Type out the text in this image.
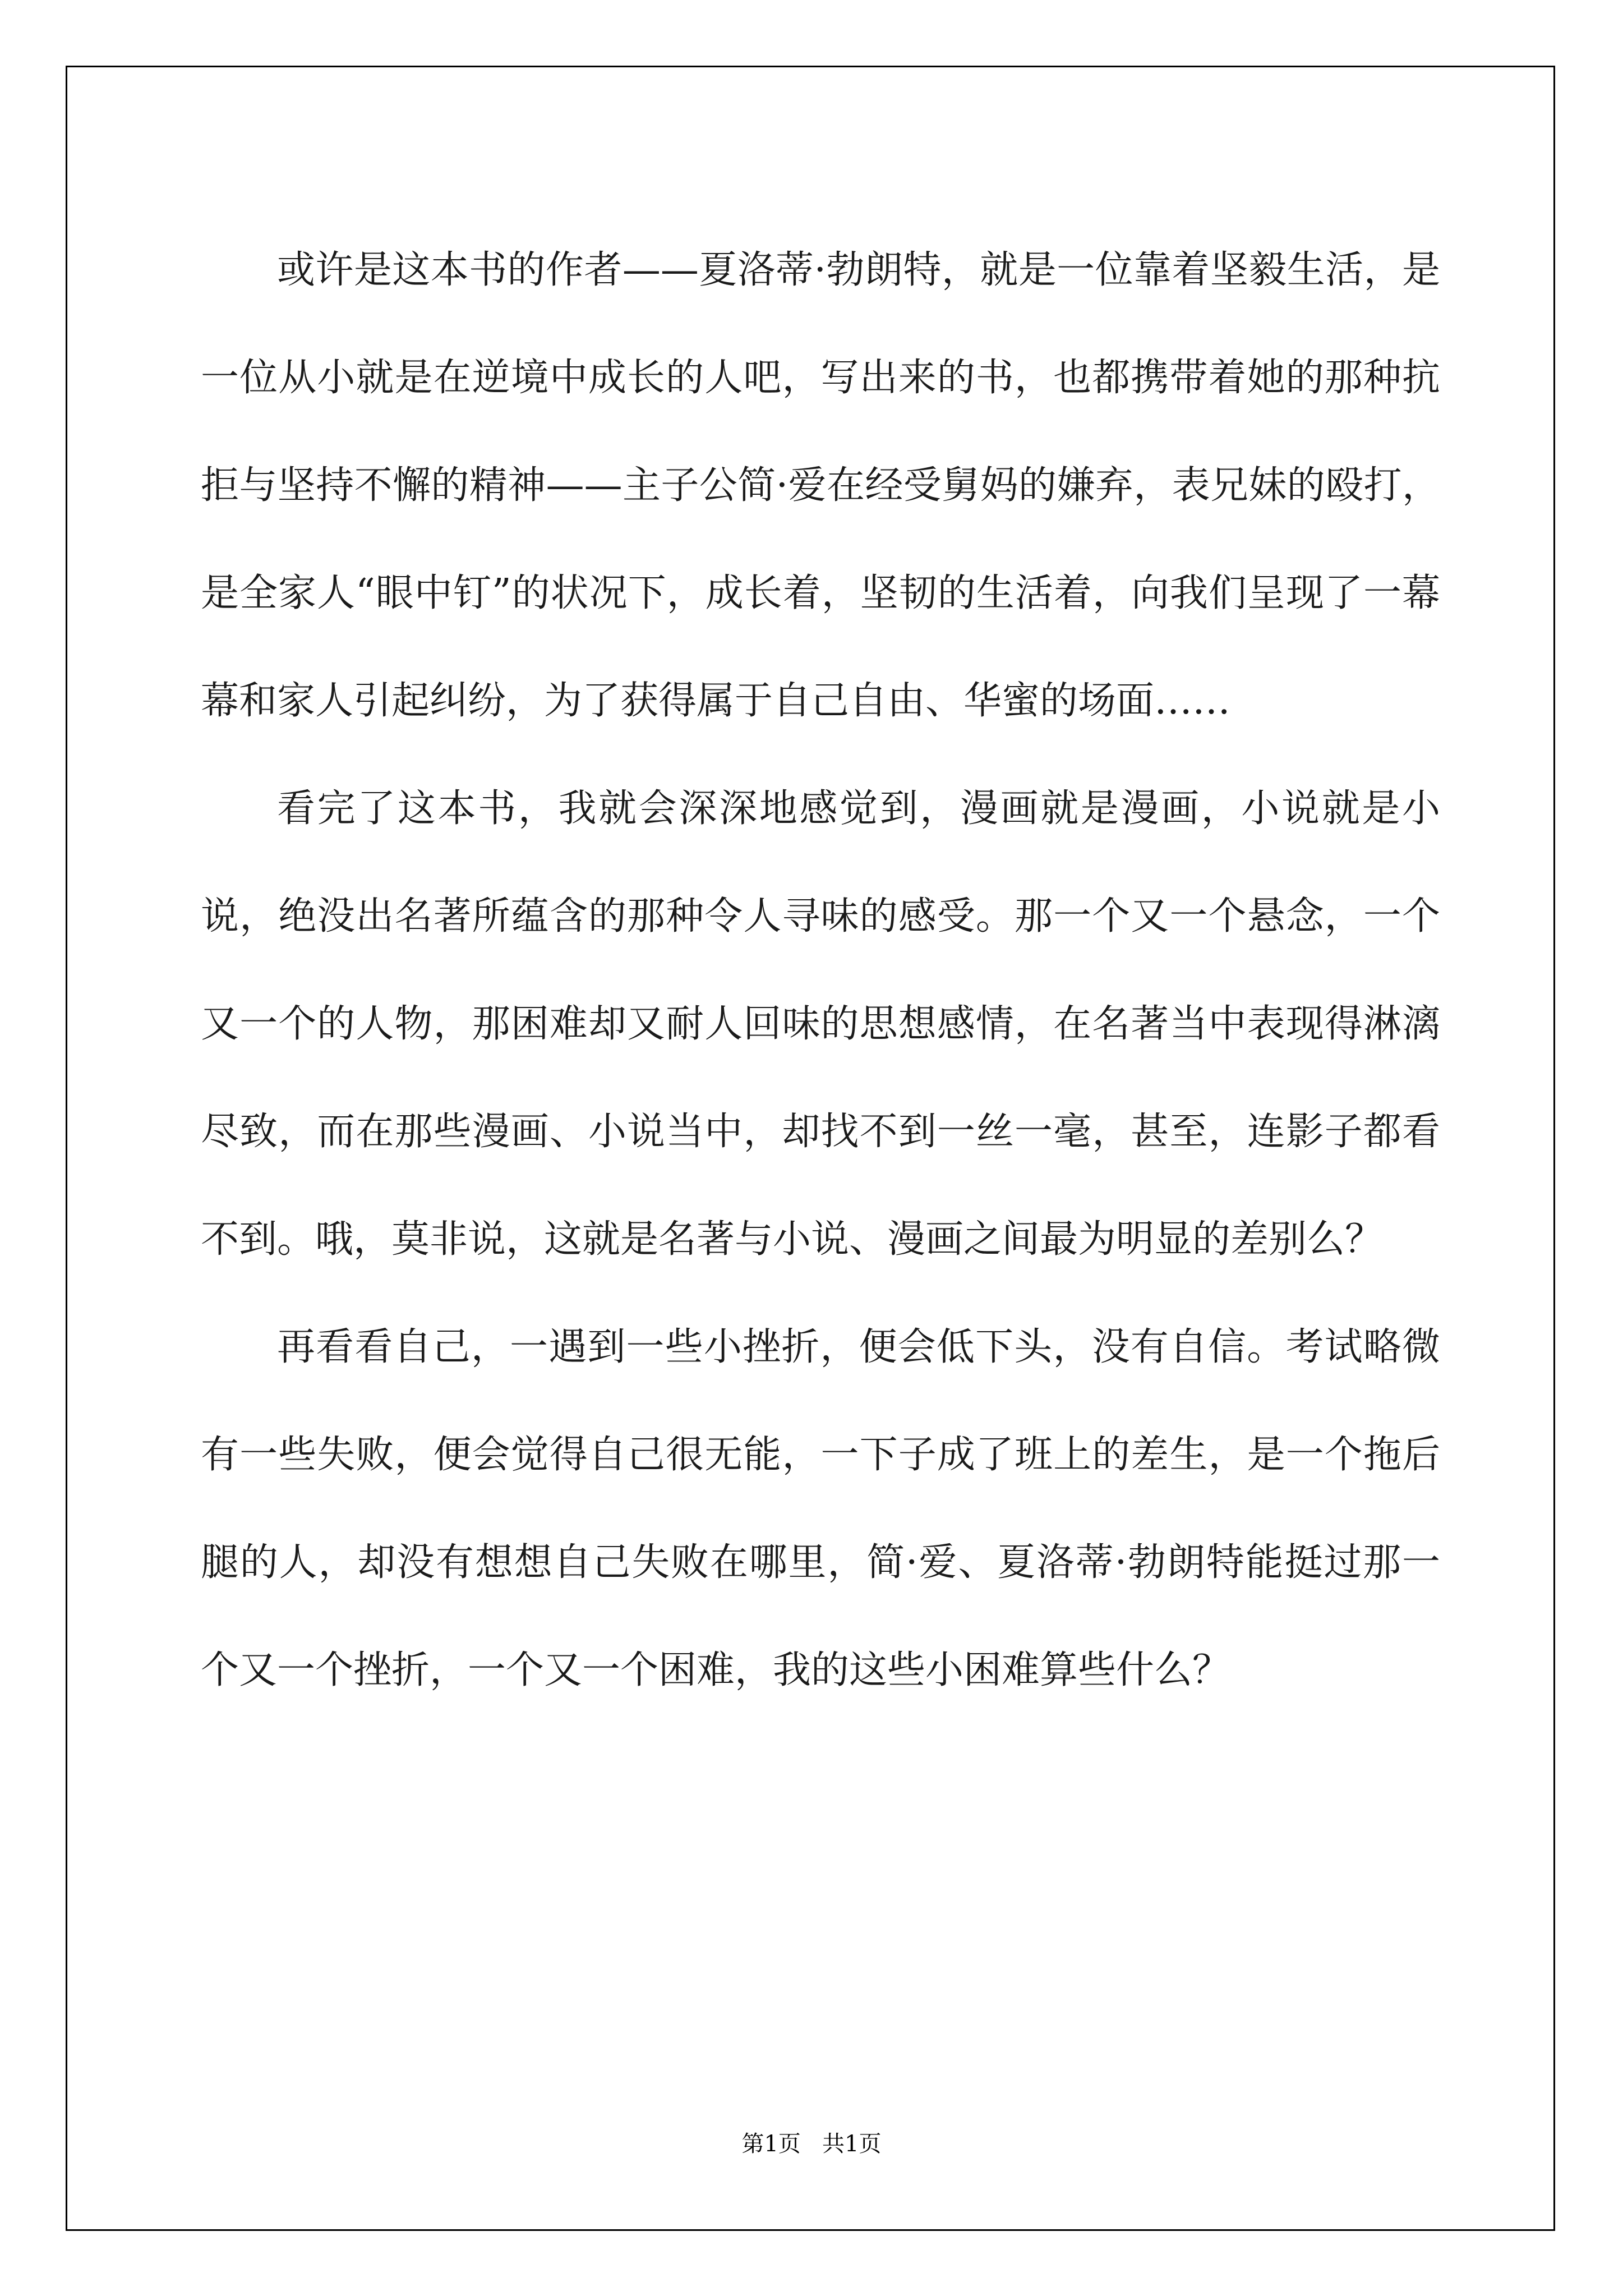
或许是这本书的作者——夏洛蒂·勃朗特，就是一位靠着坚毅生活，是一位从小就是在逆境中成长的人吧，写出来的书，也都携带着她的那种抗拒与坚持不懈的精神——主子公简·爱在经受舅妈的嫌弃，表兄妹的殴打，是全家人“眼中钉”的状况下，成长着，坚韧的生活着，向我们呈现了一幕幕和家人引起纠纷，为了获得属于自己自由、华蜜的场面……

看完了这本书，我就会深深地感觉到，漫画就是漫画，小说就是小说，绝没出名著所蕴含的那种令人寻味的感受。那一个又一个悬念，一个又一个的人物，那困难却又耐人回味的思想感情，在名著当中表现得淋漓尽致，而在那些漫画、小说当中，却找不到一丝一毫，甚至，连影子都看不到。哦，莫非说，这就是名著与小说、漫画之间最为明显的差别么？

再看看自己，一遇到一些小挫折，便会低下头，没有自信。考试略微有一些失败，便会觉得自己很无能，一下子成了班上的差生，是一个拖后腿的人，却没有想想自己失败在哪里，简·爱、夏洛蒂·勃朗特能挺过那一个又一个挫折，一个又一个困难，我的这些小困难算些什么？

第1页   共1页
